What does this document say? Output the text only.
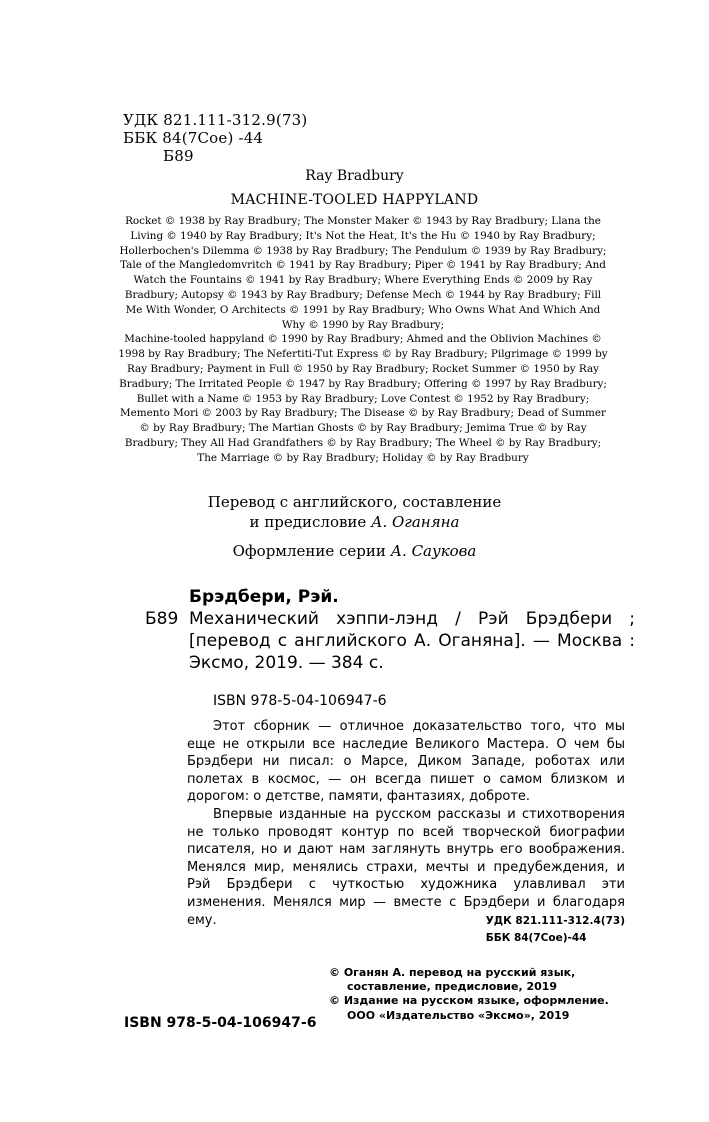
УДК 821.111-312.9(73)
ББК 84(7Сое) -44
Б89
Ray Bradbury
MACHINE-TOOLED HAPPYLAND

Rocket © 1938 by Ray Bradbury; The Monster Maker © 1943 by Ray Bradbury; Llana the Living © 1940 by Ray Bradbury; It's Not the Heat, It's the Hu © 1940 by Ray Bradbury; Hollerbochen's Dilemma © 1938 by Ray Bradbury; The Pendulum © 1939 by Ray Bradbury; Tale of the Mangledomvritch © 1941 by Ray Bradbury; Piper © 1941 by Ray Bradbury; And Watch the Fountains © 1941 by Ray Bradbury; Where Everything Ends © 2009 by Ray Bradbury; Autopsy © 1943 by Ray Bradbury; Defense Mech © 1944 by Ray Bradbury; Fill Me With Wonder, O Architects © 1991 by Ray Bradbury; Who Owns What And Which And Why © 1990 by Ray Bradbury;

Machine-tooled happyland © 1990 by Ray Bradbury; Ahmed and the Oblivion Machines © 1998 by Ray Bradbury; The Nefertiti-Tut Express © by Ray Bradbury; Pilgrimage © 1999 by Ray Bradbury; Payment in Full © 1950 by Ray Bradbury; Rocket Summer © 1950 by Ray Bradbury; The Irritated People © 1947 by Ray Bradbury; Offering © 1997 by Ray Bradbury; Bullet with a Name © 1953 by Ray Bradbury; Love Contest © 1952 by Ray Bradbury;

Memento Mori © 2003 by Ray Bradbury; The Disease © by Ray Bradbury; Dead of Summer © by Ray Bradbury; The Martian Ghosts © by Ray Bradbury; Jemima True © by Ray Bradbury; They All Had Grandfathers © by Ray Bradbury; The Wheel © by Ray Bradbury; The Marriage © by Ray Bradbury; Holiday © by Ray Bradbury

Перевод с английского, составление
и предисловие А. Оганяна
Оформление серии А. Саукова
Брэдбери, Рэй.
Б89 Механический хэппи-лэнд / Рэй Брэдбери ;
[перевод с английского А. Оганяна]. — Москва :
Эксмо, 2019. — 384 с.
ISBN 978-5-04-106947-6

Этот сборник — отличное доказательство того, что мы еще не открыли все наследие Великого Мастера. О чем бы Брэдбери ни писал: о Марсе, Диком Западе, роботах или полетах в космос, — он всегда пишет о самом близком и дорогом: о детстве, памяти, фантазиях, доброте.

Впервые изданные на русском рассказы и стихотворения не только проводят контур по всей творческой биографии писателя, но и дают нам заглянуть внутрь его воображения. Менялся мир, менялись страхи, мечты и предубеждения, и Рэй Брэдбери с чуткостью художника улавливал эти изменения. Менялся мир — вместе с Брэдбери и благодаря ему.	УДК 821.111-312.4(73)
ББК 84(7Сое)-44
© Оганян А. перевод на русский язык, составление, предисловие, 2019
© Издание на русском языке, оформление. ООО «Издательство «Эксмо», 2019
ISBN 978-5-04-106947-6
